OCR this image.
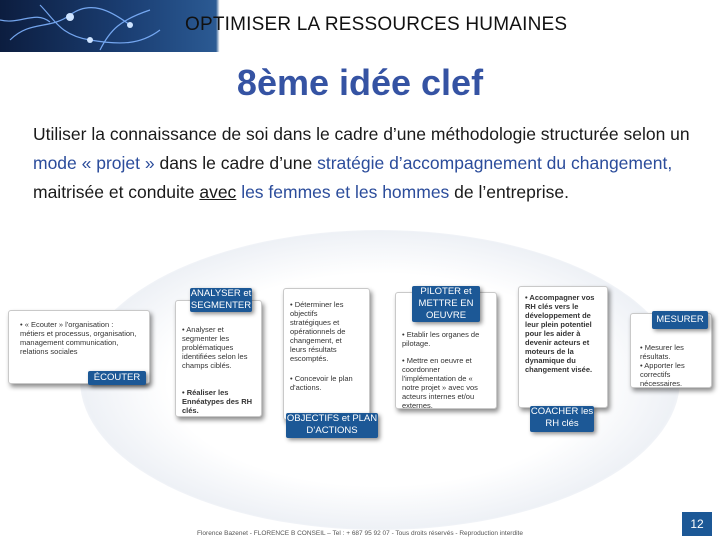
OPTIMISER LA RESSOURCES HUMAINES
8ème idée clef
Utiliser la connaissance de soi dans le cadre d’une méthodologie structurée selon un mode « projet » dans le cadre d’une stratégie d’accompagnement du changement, maitrisée et conduite avec les femmes et les hommes de l’entreprise.
• « Ecouter » l'organisation : métiers et processus, organisation, management communication, relations sociales
ÉCOUTER
ANALYSER et SEGMENTER
• Analyser et segmenter les problématiques identifiées selon les champs ciblés.
• Réaliser les Ennéatypes des RH clés.
• Déterminer les objectifs stratégiques et opérationnels de changement, et leurs résultats escomptés.
• Concevoir le plan d'actions.
OBJECTIFS et PLAN D’ACTIONS
PILOTER et METTRE EN OEUVRE
• Etablir les organes de pilotage.
• Mettre en oeuvre et coordonner l'implémentation de « notre projet » avec vos acteurs internes et/ou externes.
• Accompagner vos RH clés vers le développement de leur plein potentiel pour les aider à devenir acteurs et moteurs de la dynamique du changement visée.
COACHER les RH clés
MESURER
• Mesurer les résultats.
• Apporter les correctifs nécessaires.
Florence Bazenet - FLORENCE B CONSEIL – Tel : + 687 95 92 07 - Tous droits réservés - Reproduction interdite
12
